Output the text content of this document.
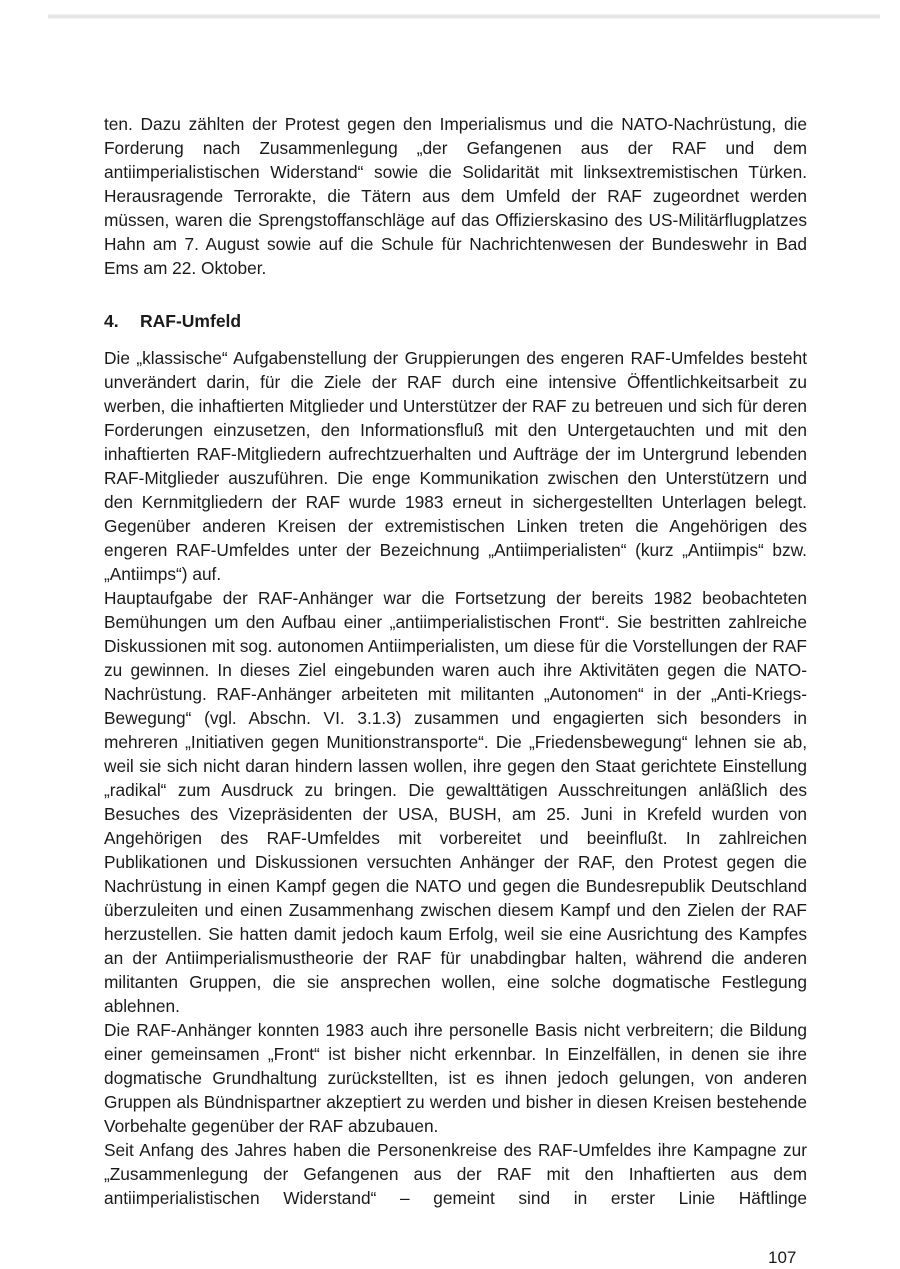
ten. Dazu zählten der Protest gegen den Imperialismus und die NATO-Nachrüstung, die Forderung nach Zusammenlegung „der Gefangenen aus der RAF und dem antiimperialistischen Widerstand“ sowie die Solidarität mit linksextremistischen Türken. Herausragende Terrorakte, die Tätern aus dem Umfeld der RAF zugeordnet werden müssen, waren die Sprengstoffanschläge auf das Offizierskasino des US-Militärflugplatzes Hahn am 7. August sowie auf die Schule für Nachrichtenwesen der Bundeswehr in Bad Ems am 22. Oktober.

4. RAF-Umfeld

Die „klassische“ Aufgabenstellung der Gruppierungen des engeren RAF-Umfeldes besteht unverändert darin, für die Ziele der RAF durch eine intensive Öffentlichkeitsarbeit zu werben, die inhaftierten Mitglieder und Unterstützer der RAF zu betreuen und sich für deren Forderungen einzusetzen, den Informationsfluß mit den Untergetauchten und mit den inhaftierten RAF-Mitgliedern aufrechtzuerhalten und Aufträge der im Untergrund lebenden RAF-Mitglieder auszuführen. Die enge Kommunikation zwischen den Unterstützern und den Kernmitgliedern der RAF wurde 1983 erneut in sichergestellten Unterlagen belegt. Gegenüber anderen Kreisen der extremistischen Linken treten die Angehörigen des engeren RAF-Umfeldes unter der Bezeichnung „Antiimperialisten“ (kurz „Antiimpis“ bzw. „Antiimps“) auf.

Hauptaufgabe der RAF-Anhänger war die Fortsetzung der bereits 1982 beobachteten Bemühungen um den Aufbau einer „antiimperialistischen Front“. Sie bestritten zahlreiche Diskussionen mit sog. autonomen Antiimperialisten, um diese für die Vorstellungen der RAF zu gewinnen. In dieses Ziel eingebunden waren auch ihre Aktivitäten gegen die NATO-Nachrüstung. RAF-Anhänger arbeiteten mit militanten „Autonomen“ in der „Anti-Kriegs-Bewegung“ (vgl. Abschn. VI. 3.1.3) zusammen und engagierten sich besonders in mehreren „Initiativen gegen Munitionstransporte“. Die „Friedensbewegung“ lehnen sie ab, weil sie sich nicht daran hindern lassen wollen, ihre gegen den Staat gerichtete Einstellung „radikal“ zum Ausdruck zu bringen. Die gewalttätigen Ausschreitungen anläßlich des Besuches des Vizepräsidenten der USA, BUSH, am 25. Juni in Krefeld wurden von Angehörigen des RAF-Umfeldes mit vorbereitet und beeinflußt. In zahlreichen Publikationen und Diskussionen versuchten Anhänger der RAF, den Protest gegen die Nachrüstung in einen Kampf gegen die NATO und gegen die Bundesrepublik Deutschland überzuleiten und einen Zusammenhang zwischen diesem Kampf und den Zielen der RAF herzustellen. Sie hatten damit jedoch kaum Erfolg, weil sie eine Ausrichtung des Kampfes an der Antiimperialismustheorie der RAF für unabdingbar halten, während die anderen militanten Gruppen, die sie ansprechen wollen, eine solche dogmatische Festlegung ablehnen.

Die RAF-Anhänger konnten 1983 auch ihre personelle Basis nicht verbreitern; die Bildung einer gemeinsamen „Front“ ist bisher nicht erkennbar. In Einzelfällen, in denen sie ihre dogmatische Grundhaltung zurückstellten, ist es ihnen jedoch gelungen, von anderen Gruppen als Bündnispartner akzeptiert zu werden und bisher in diesen Kreisen bestehende Vorbehalte gegenüber der RAF abzubauen.

Seit Anfang des Jahres haben die Personenkreise des RAF-Umfeldes ihre Kampagne zur „Zusammenlegung der Gefangenen aus der RAF mit den Inhaftierten aus dem antiimperialistischen Widerstand“ – gemeint sind in erster Linie Häftlinge

107
